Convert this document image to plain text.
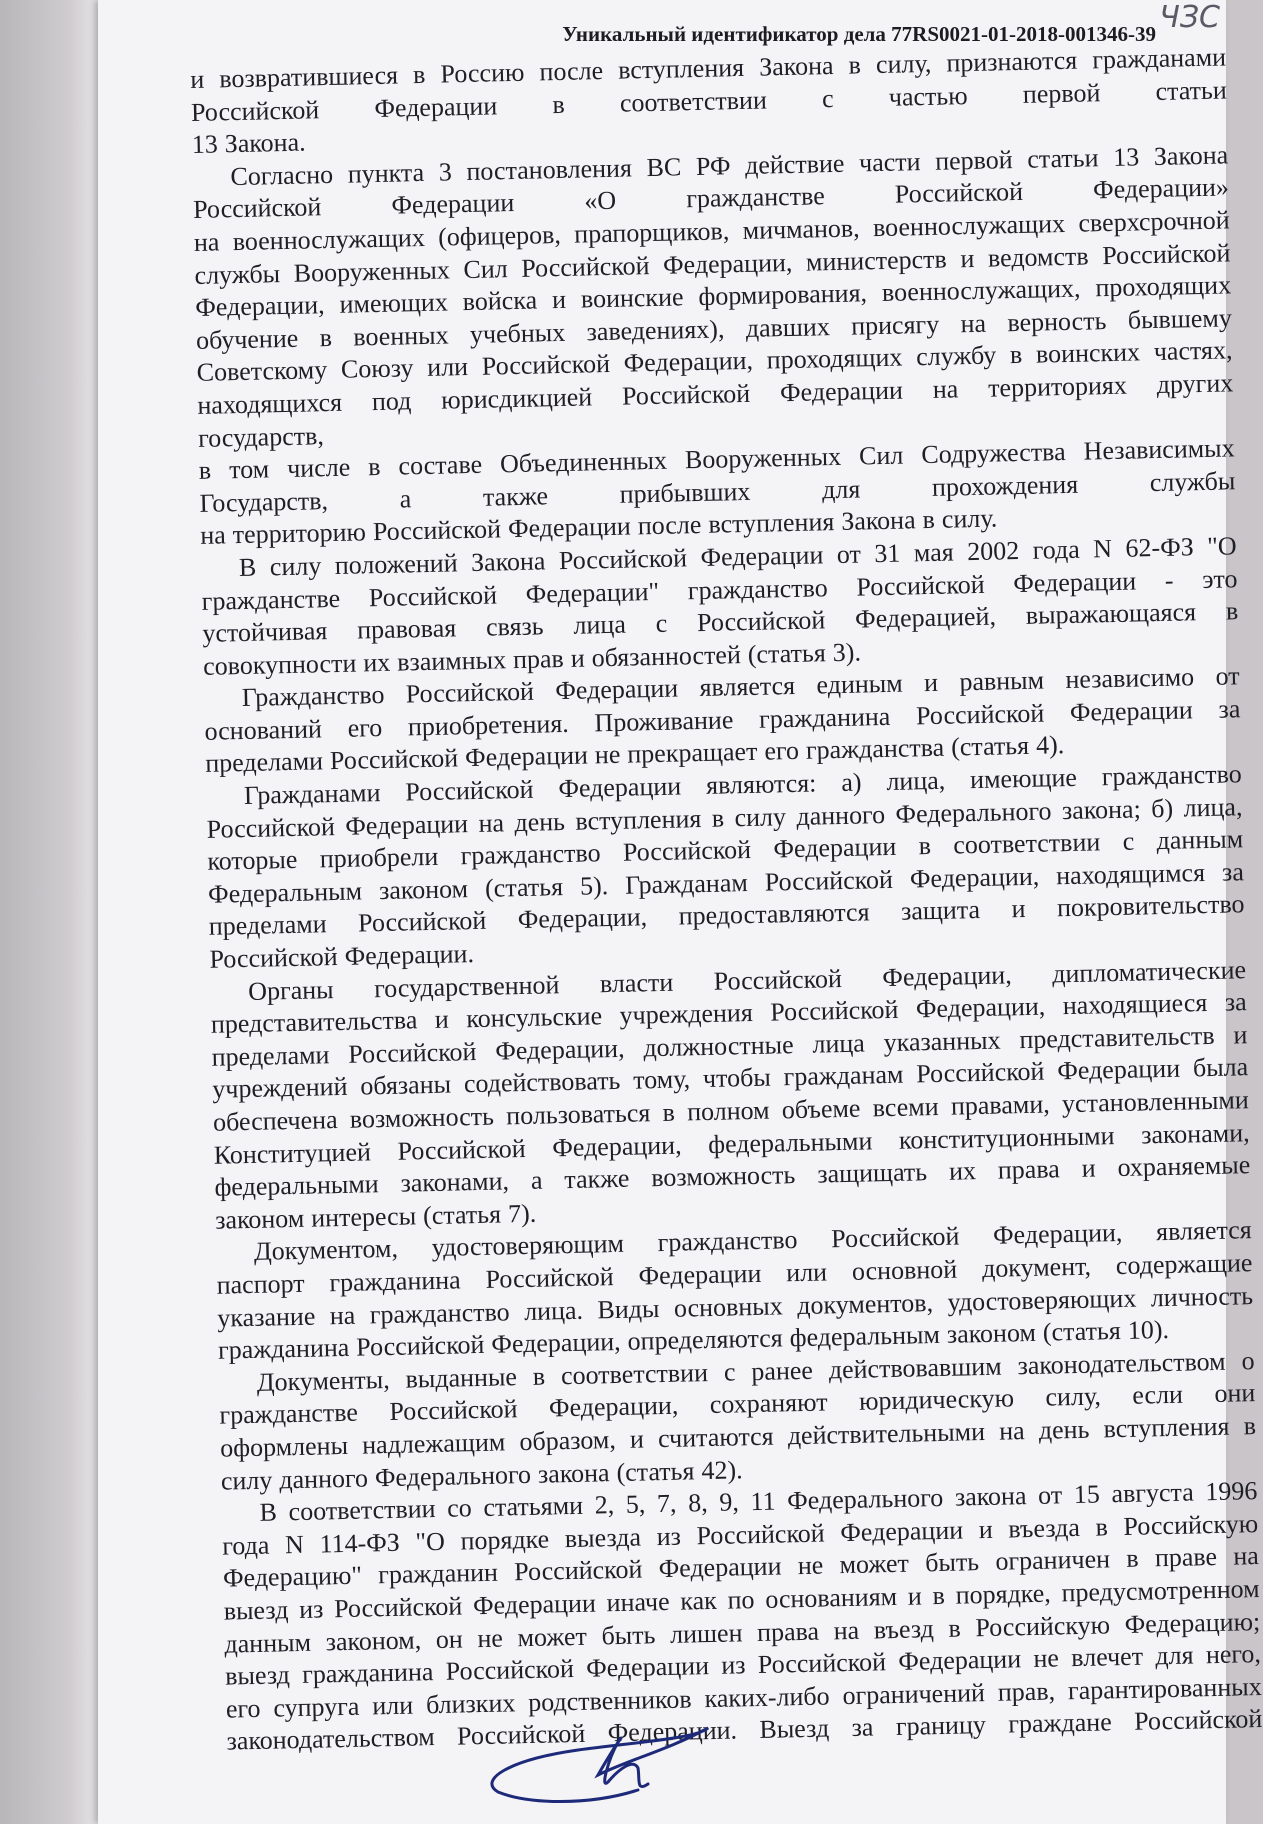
Уникальный идентификатор дела 77RS0021-01-2018-001346-39 ЧЗС
и возвратившиеся в Россию после вступления Закона в силу, признаются гражданами
Российской Федерации в соответствии с частью первой статьи
13 Закона.
Согласно пункта 3 постановления ВС РФ действие части первой статьи 13 Закона
Российской	Федерации	«О	гражданстве	Российской	Федерации»
на военнослужащих (офицеров, прапорщиков, мичманов, военнослужащих сверхсрочной
службы Вооруженных Сил Российской Федерации, министерств и ведомств Российской
Федерации, имеющих войска и воинские формирования, военнослужащих, проходящих
обучение в военных учебных заведениях), давших присягу на верность бывшему
Советскому Союзу или Российской Федерации, проходящих службу в воинских частях,
находящихся под юрисдикцией Российской Федерации на территориях других
государств,
в том числе в составе Объединенных Вооруженных Сил Содружества Независимых
Государств,	а	также	прибывших	для	прохождения	службы
на территорию Российской Федерации после вступления Закона в силу.
В силу положений Закона Российской Федерации от 31 мая 2002 года N 62-ФЗ "О
гражданстве Российской Федерации" гражданство Российской Федерации - это
устойчивая правовая связь лица с Российской Федерацией, выражающаяся в
совокупности их взаимных прав и обязанностей (статья 3).
Гражданство Российской Федерации является единым и равным независимо от
оснований его приобретения. Проживание гражданина Российской Федерации за
пределами Российской Федерации не прекращает его гражданства (статья 4).
Гражданами Российской Федерации являются: а) лица, имеющие гражданство
Российской Федерации на день вступления в силу данного Федерального закона; б) лица,
которые приобрели гражданство Российской Федерации в соответствии с данным
Федеральным законом (статья 5). Гражданам Российской Федерации, находящимся за
пределами Российской Федерации, предоставляются защита и покровительство
Российской Федерации.
Органы государственной власти Российской Федерации, дипломатические
представительства и консульские учреждения Российской Федерации, находящиеся за
пределами Российской Федерации, должностные лица указанных представительств и
учреждений обязаны содействовать тому, чтобы гражданам Российской Федерации была
обеспечена возможность пользоваться в полном объеме всеми правами, установленными
Конституцией Российской Федерации, федеральными конституционными законами,
федеральными законами, а также возможность защищать их права и охраняемые
законом интересы (статья 7).
Документом, удостоверяющим гражданство Российской Федерации, является
паспорт гражданина Российской Федерации или основной документ, содержащие
указание на гражданство лица. Виды основных документов, удостоверяющих личность
гражданина Российской Федерации, определяются федеральным законом (статья 10).
Документы, выданные в соответствии с ранее действовавшим законодательством о
гражданстве Российской Федерации, сохраняют юридическую силу, если они
оформлены надлежащим образом, и считаются действительными на день вступления в
силу данного Федерального закона (статья 42).
В соответствии со статьями 2, 5, 7, 8, 9, 11 Федерального закона от 15 августа 1996
года N 114-ФЗ "О порядке выезда из Российской Федерации и въезда в Российскую
Федерацию" гражданин Российской Федерации не может быть ограничен в праве на
выезд из Российской Федерации иначе как по основаниям и в порядке, предусмотренном
данным законом, он не может быть лишен права на въезд в Российскую Федерацию;
выезд гражданина Российской Федерации из Российской Федерации не влечет для него,
его супруга или близких родственников каких-либо ограничений прав, гарантированных
законодательством Российской Федерации. Выезд за границу граждане Российской
